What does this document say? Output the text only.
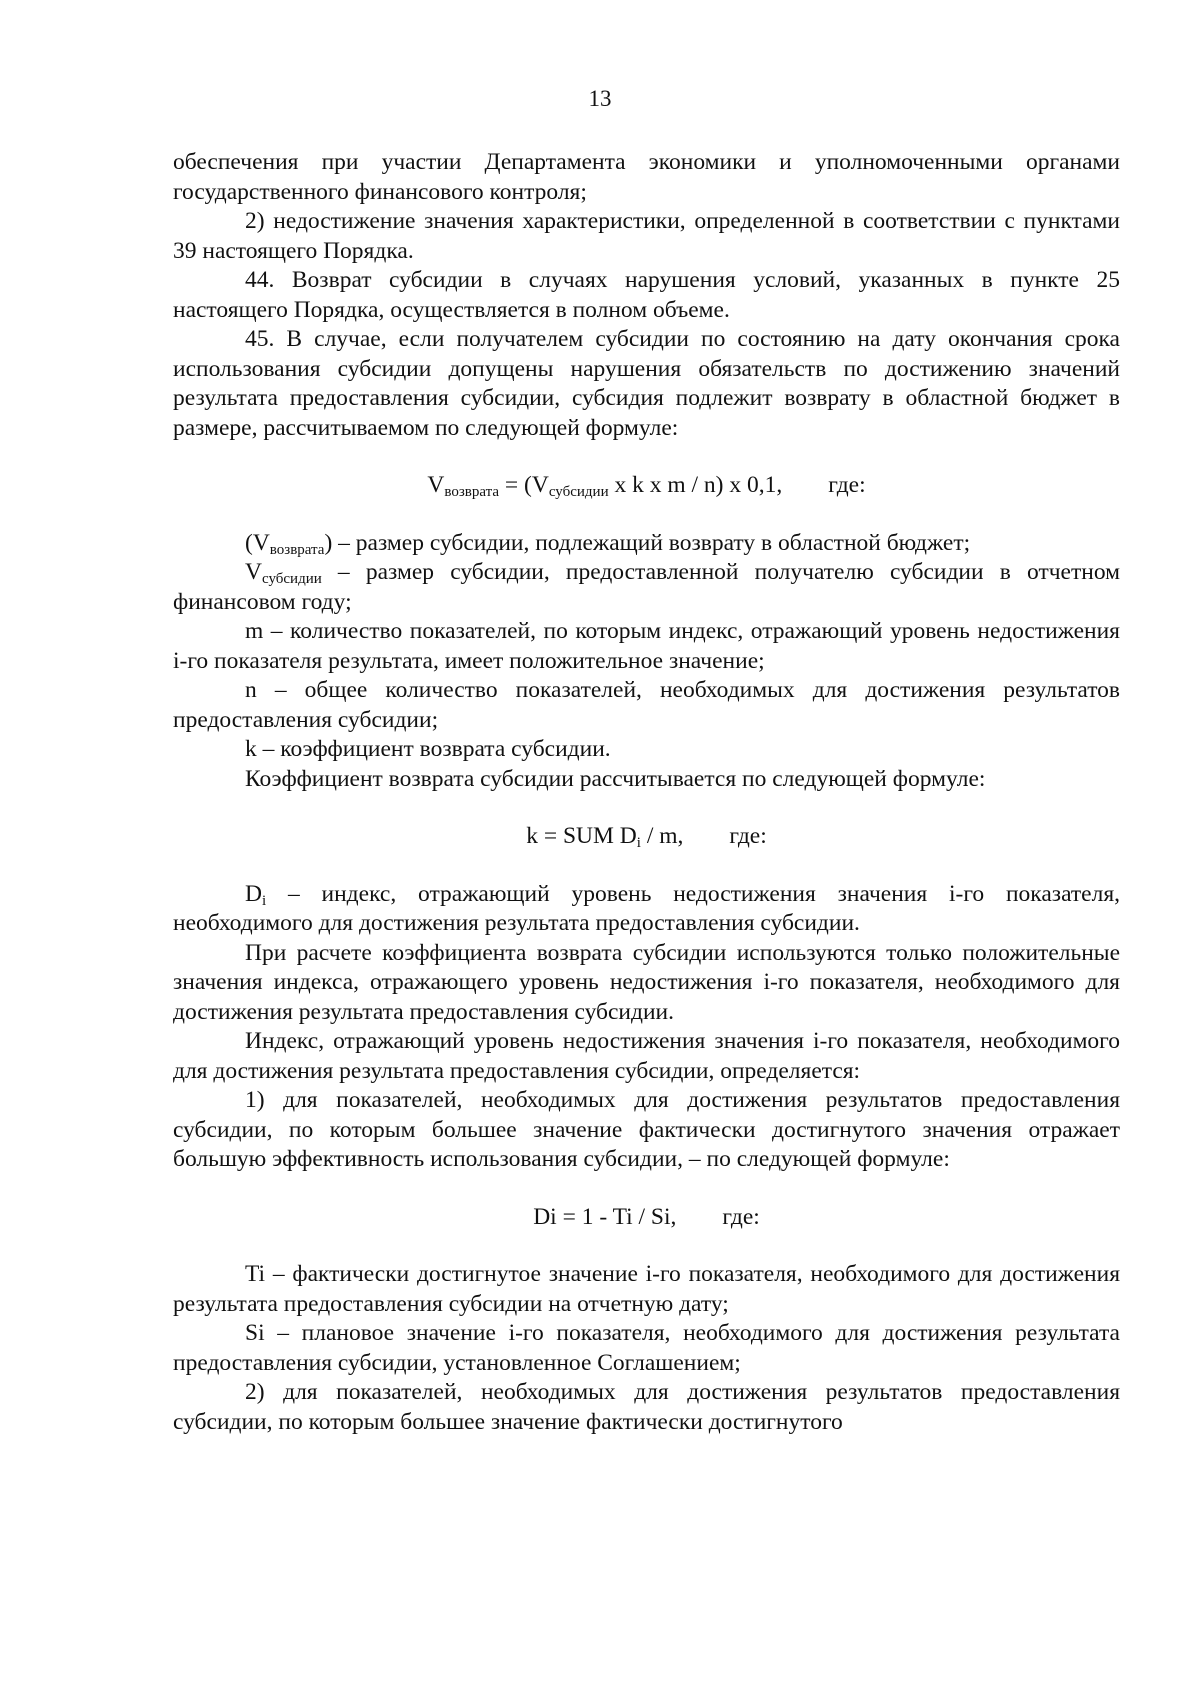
13

обеспечения при участии Департамента экономики и уполномоченными органами государственного финансового контроля;

2) недостижение значения характеристики, определенной в соответствии с пунктами 39 настоящего Порядка.

44. Возврат субсидии в случаях нарушения условий, указанных в пункте 25 настоящего Порядка, осуществляется в полном объеме.

45. В случае, если получателем субсидии по состоянию на дату окончания срока использования субсидии допущены нарушения обязательств по достижению значений результата предоставления субсидии, субсидия подлежит возврату в областной бюджет в размере, рассчитываемом по следующей формуле:

$V_{возврата} = (V_{субсидии}$ x k x m / n) x 0,1, где:

$(V_{возврата})$ – размер субсидии, подлежащий возврату в областной бюджет;

$V_{субсидии}$ – размер субсидии, предоставленной получателю субсидии в отчетном финансовом году;

m – количество показателей, по которым индекс, отражающий уровень недостижения i-го показателя результата, имеет положительное значение;

n – общее количество показателей, необходимых для достижения результатов предоставления субсидии;

k – коэффициент возврата субсидии.

Коэффициент возврата субсидии рассчитывается по следующей формуле:

k = SUM $D_i$ / m, где:

$D_i$ – индекс, отражающий уровень недостижения значения i-го показателя, необходимого для достижения результата предоставления субсидии.

При расчете коэффициента возврата субсидии используются только положительные значения индекса, отражающего уровень недостижения i-го показателя, необходимого для достижения результата предоставления субсидии.

Индекс, отражающий уровень недостижения значения i-го показателя, необходимого для достижения результата предоставления субсидии, определяется:

1) для показателей, необходимых для достижения результатов предоставления субсидии, по которым большее значение фактически достигнутого значения отражает большую эффективность использования субсидии, – по следующей формуле:

Di = 1 - Ti / Si, где:

Ti – фактически достигнутое значение i-го показателя, необходимого для достижения результата предоставления субсидии на отчетную дату;

Si – плановое значение i-го показателя, необходимого для достижения результата предоставления субсидии, установленное Соглашением;

2) для показателей, необходимых для достижения результатов предоставления субсидии, по которым большее значение фактически достигнутого
